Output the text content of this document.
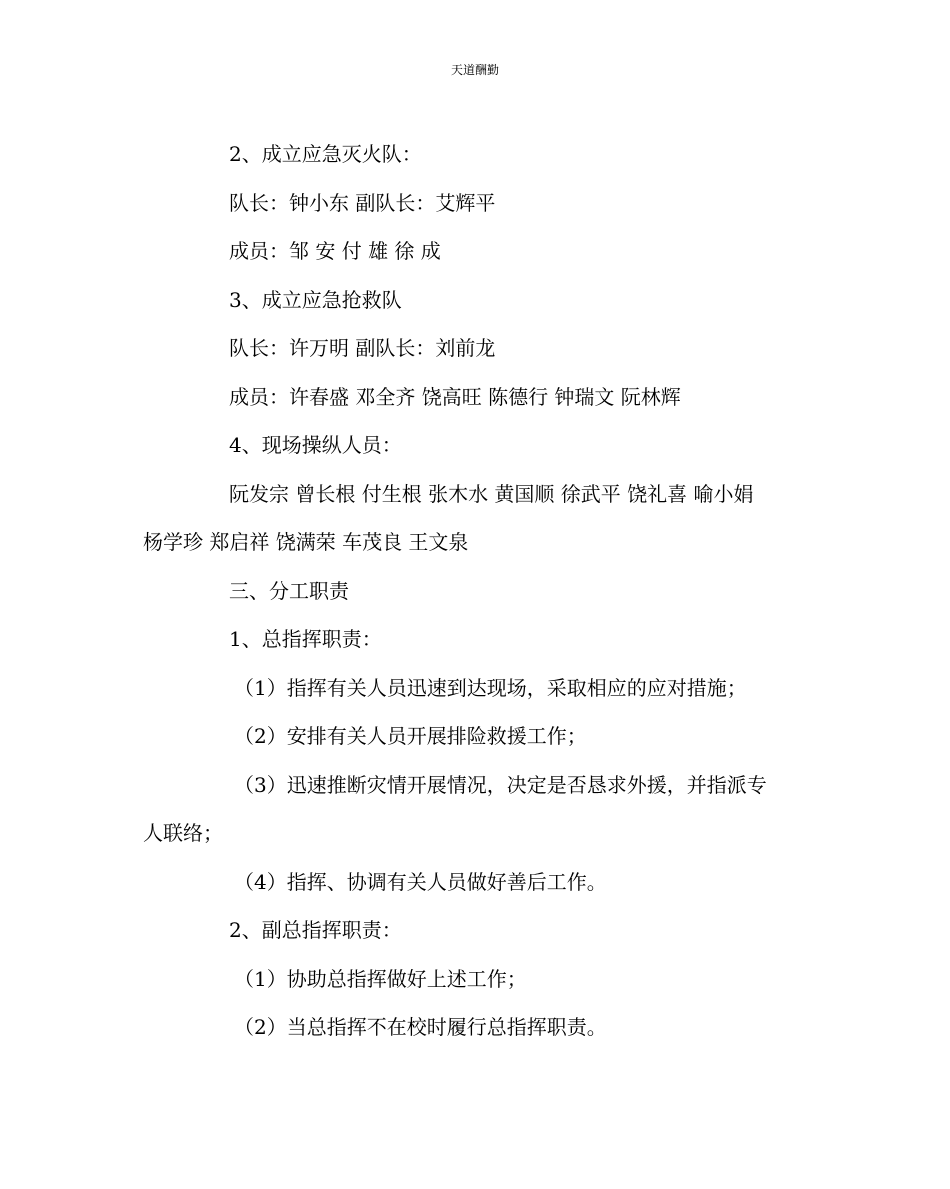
天道酬勤
2、成立应急灭火队：
队长：钟小东 副队长：艾辉平
成员：邹 安 付 雄 徐 成
3、成立应急抢救队
队长：许万明 副队长：刘前龙
成员：许春盛 邓全齐 饶高旺 陈德行 钟瑞文 阮林辉
4、现场操纵人员：
阮发宗 曾长根 付生根 张木水 黄国顺 徐武平 饶礼喜 喻小娟
杨学珍 郑启祥 饶满荣 车茂良 王文泉
三、分工职责
1、总指挥职责：
（1）指挥有关人员迅速到达现场，采取相应的应对措施；
（2）安排有关人员开展排险救援工作；
（3）迅速推断灾情开展情况，决定是否恳求外援，并指派专
人联络；
（4）指挥、协调有关人员做好善后工作。
2、副总指挥职责：
（1）协助总指挥做好上述工作；
（2）当总指挥不在校时履行总指挥职责。
